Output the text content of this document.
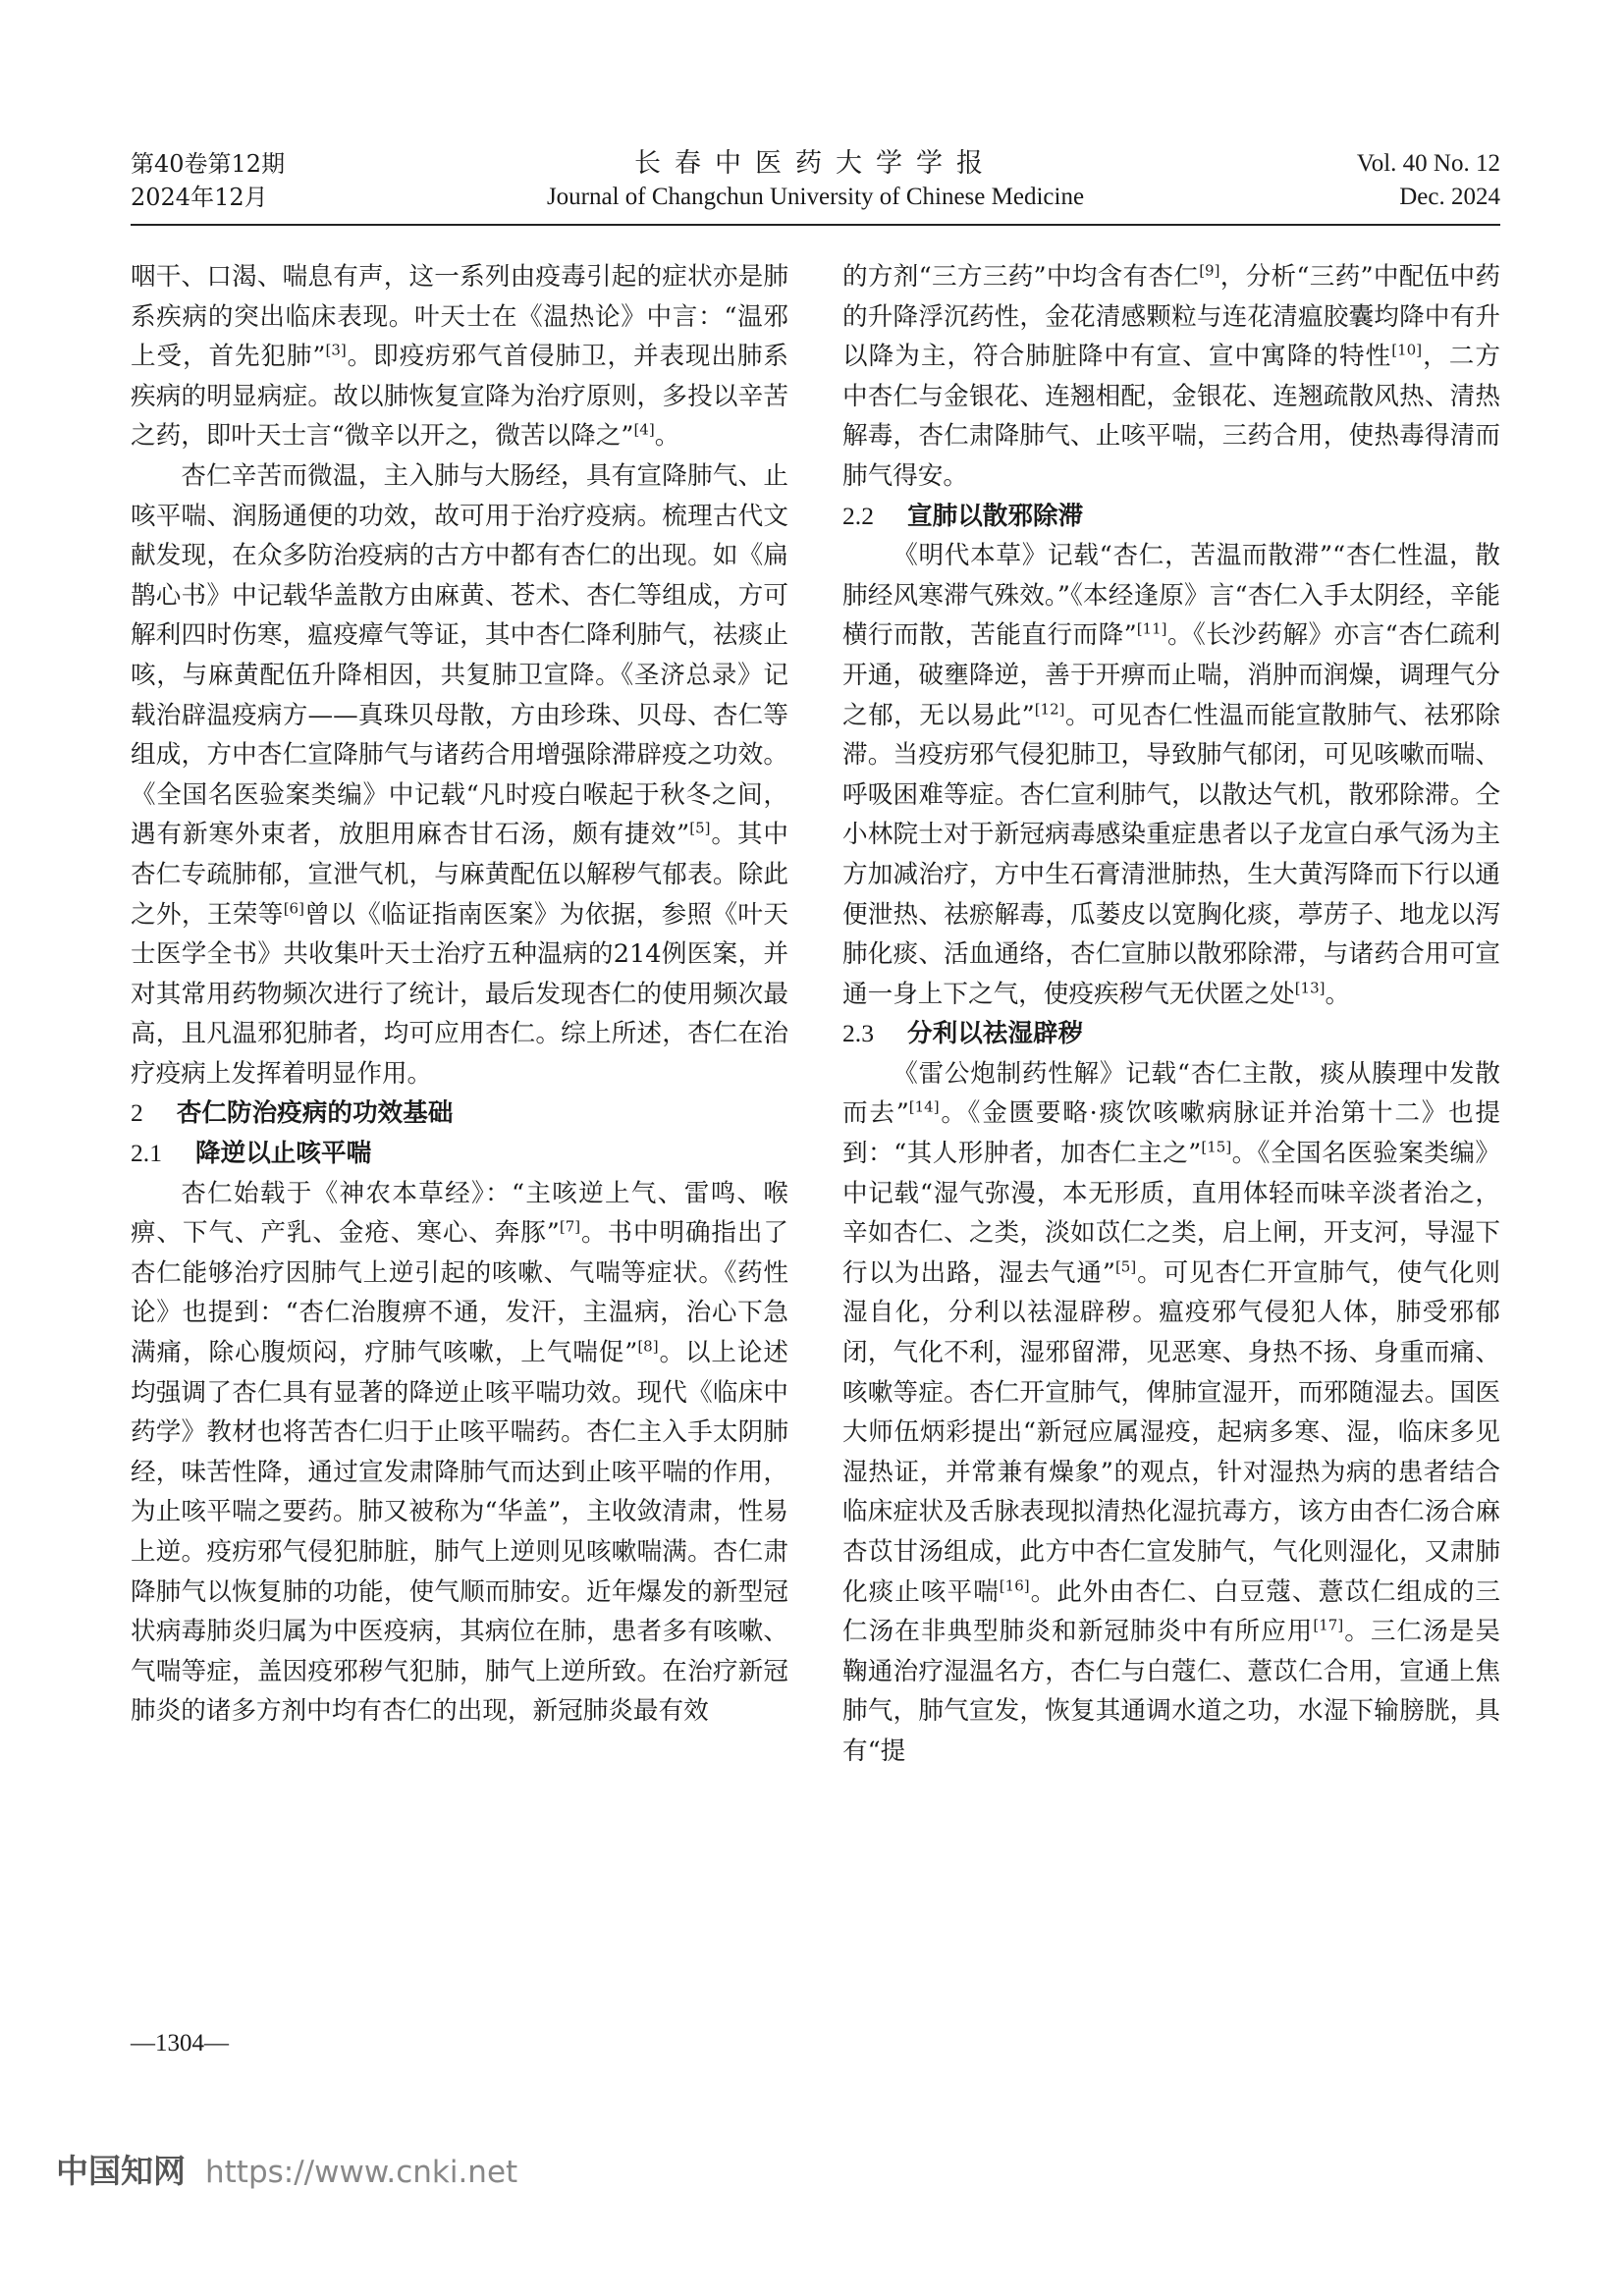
第40卷第12期
2024年12月
长春中医药大学学报
Journal of Changchun University of Chinese Medicine
Vol. 40 No. 12
Dec. 2024

咽干、口渴、喘息有声，这一系列由疫毒引起的症状亦是肺系疾病的突出临床表现。叶天士在《温热论》中言：“温邪上受，首先犯肺”[3]。即疫疠邪气首侵肺卫，并表现出肺系疾病的明显病症。故以肺恢复宣降为治疗原则，多投以辛苦之药，即叶天士言“微辛以开之，微苦以降之”[4]。

杏仁辛苦而微温，主入肺与大肠经，具有宣降肺气、止咳平喘、润肠通便的功效，故可用于治疗疫病。梳理古代文献发现，在众多防治疫病的古方中都有杏仁的出现。如《扁鹊心书》中记载华盖散方由麻黄、苍术、杏仁等组成，方可解利四时伤寒，瘟疫瘴气等证，其中杏仁降利肺气，祛痰止咳，与麻黄配伍升降相因，共复肺卫宣降。《圣济总录》记载治辟温疫病方——真珠贝母散，方由珍珠、贝母、杏仁等组成，方中杏仁宣降肺气与诸药合用增强除滞辟疫之功效。《全国名医验案类编》中记载“凡时疫白喉起于秋冬之间，遇有新寒外束者，放胆用麻杏甘石汤，颇有捷效”[5]。其中杏仁专疏肺郁，宣泄气机，与麻黄配伍以解秽气郁表。除此之外，王荣等[6]曾以《临证指南医案》为依据，参照《叶天士医学全书》共收集叶天士治疗五种温病的214例医案，并对其常用药物频次进行了统计，最后发现杏仁的使用频次最高，且凡温邪犯肺者，均可应用杏仁。综上所述，杏仁在治疗疫病上发挥着明显作用。

2 杏仁防治疫病的功效基础
2.1 降逆以止咳平喘

杏仁始载于《神农本草经》：“主咳逆上气、雷鸣、喉痹、下气、产乳、金疮、寒心、奔豚”[7]。书中明确指出了杏仁能够治疗因肺气上逆引起的咳嗽、气喘等症状。《药性论》也提到：“杏仁治腹痹不通，发汗，主温病，治心下急满痛，除心腹烦闷，疗肺气咳嗽，上气喘促”[8]。以上论述均强调了杏仁具有显著的降逆止咳平喘功效。现代《临床中药学》教材也将苦杏仁归于止咳平喘药。杏仁主入手太阴肺经，味苦性降，通过宣发肃降肺气而达到止咳平喘的作用，为止咳平喘之要药。肺又被称为“华盖”，主收敛清肃，性易上逆。疫疠邪气侵犯肺脏，肺气上逆则见咳嗽喘满。杏仁肃降肺气以恢复肺的功能，使气顺而肺安。近年爆发的新型冠状病毒肺炎归属为中医疫病，其病位在肺，患者多有咳嗽、气喘等症，盖因疫邪秽气犯肺，肺气上逆所致。在治疗新冠肺炎的诸多方剂中均有杏仁的出现，新冠肺炎最有效

的方剂“三方三药”中均含有杏仁[9]，分析“三药”中配伍中药的升降浮沉药性，金花清感颗粒与连花清瘟胶囊均降中有升以降为主，符合肺脏降中有宣、宣中寓降的特性[10]，二方中杏仁与金银花、连翘相配，金银花、连翘疏散风热、清热解毒，杏仁肃降肺气、止咳平喘，三药合用，使热毒得清而肺气得安。

2.2 宣肺以散邪除滞

《明代本草》记载“杏仁，苦温而散滞”“杏仁性温，散肺经风寒滞气殊效。”《本经逢原》言“杏仁入手太阴经，辛能横行而散，苦能直行而降”[11]。《长沙药解》亦言“杏仁疏利开通，破壅降逆，善于开痹而止喘，消肿而润燥，调理气分之郁，无以易此”[12]。可见杏仁性温而能宣散肺气、祛邪除滞。当疫疠邪气侵犯肺卫，导致肺气郁闭，可见咳嗽而喘、呼吸困难等症。杏仁宣利肺气，以散达气机，散邪除滞。仝小林院士对于新冠病毒感染重症患者以子龙宣白承气汤为主方加减治疗，方中生石膏清泄肺热，生大黄泻降而下行以通便泄热、祛瘀解毒，瓜蒌皮以宽胸化痰，葶苈子、地龙以泻肺化痰、活血通络，杏仁宣肺以散邪除滞，与诸药合用可宣通一身上下之气，使疫疾秽气无伏匿之处[13]。

2.3 分利以祛湿辟秽

《雷公炮制药性解》记载“杏仁主散，痰从腠理中发散而去”[14]。《金匮要略·痰饮咳嗽病脉证并治第十二》也提到：“其人形肿者，加杏仁主之”[15]。《全国名医验案类编》中记载“湿气弥漫，本无形质，直用体轻而味辛淡者治之，辛如杏仁、之类，淡如苡仁之类，启上闸，开支河，导湿下行以为出路，湿去气通”[5]。可见杏仁开宣肺气，使气化则湿自化，分利以祛湿辟秽。瘟疫邪气侵犯人体，肺受邪郁闭，气化不利，湿邪留滞，见恶寒、身热不扬、身重而痛、咳嗽等症。杏仁开宣肺气，俾肺宣湿开，而邪随湿去。国医大师伍炳彩提出“新冠应属湿疫，起病多寒、湿，临床多见湿热证，并常兼有燥象”的观点，针对湿热为病的患者结合临床症状及舌脉表现拟清热化湿抗毒方，该方由杏仁汤合麻杏苡甘汤组成，此方中杏仁宣发肺气，气化则湿化，又肃肺化痰止咳平喘[16]。此外由杏仁、白豆蔻、薏苡仁组成的三仁汤在非典型肺炎和新冠肺炎中有所应用[17]。三仁汤是吴鞠通治疗湿温名方，杏仁与白蔻仁、薏苡仁合用，宣通上焦肺气，肺气宣发，恢复其通调水道之功，水湿下输膀胱，具有“提

—1304—
中国知网 https://www.cnki.net
